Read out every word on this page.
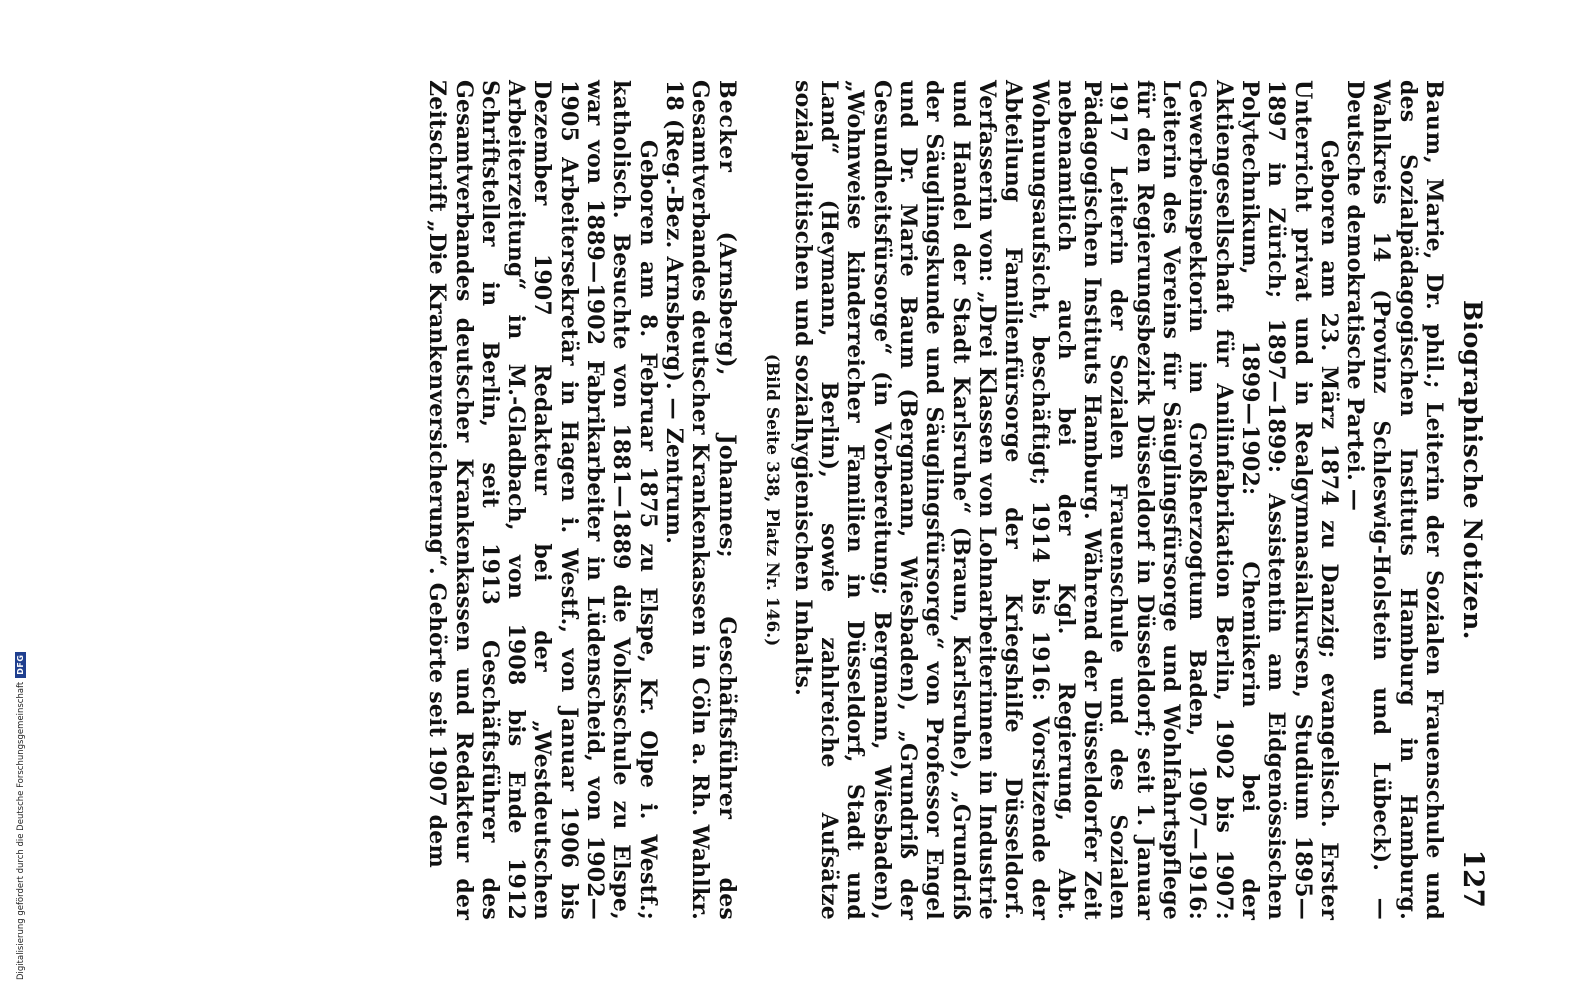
Biographische Notizen.
127

Baum, Marie, Dr. phil.; Leiterin der Sozialen Frauenschule und des Sozialpädagogischen Instituts Hamburg in Hamburg. Wahlkreis 14 (Provinz Schleswig-Holstein und Lübeck). — Deutsche demokratische Partei. —

Geboren am 23. März 1874 zu Danzig; evangelisch. Erster Unterricht privat und in Realgymnasialkursen, Studium 1895—1897 in Zürich; 1897—1899: Assistentin am Eidgenössischen Polytechnikum, 1899—1902: Chemikerin bei der Aktiengesellschaft für Anilinfabrikation Berlin, 1902 bis 1907: Gewerbeinspektorin im Großherzogtum Baden, 1907—1916: Leiterin des Vereins für Säuglingsfürsorge und Wohlfahrtspflege für den Regierungsbezirk Düsseldorf in Düsseldorf; seit 1. Januar 1917 Leiterin der Sozialen Frauenschule und des Sozialen Pädagogischen Instituts Hamburg. Während der Düsseldorfer Zeit nebenamtlich auch bei der Kgl. Regierung, Abt. Wohnungsaufsicht, beschäftigt; 1914 bis 1916: Vorsitzende der Abteilung Familienfürsorge der Kriegshilfe Düsseldorf. Verfasserin von: „Drei Klassen von Lohnarbeiterinnen in Industrie und Handel der Stadt Karlsruhe“ (Braun, Karlsruhe), „Grundriß der Säuglingskunde und Säuglingsfürsorge“ von Professor Engel und Dr. Marie Baum (Bergmann, Wiesbaden), „Grundriß der Gesundheitsfürsorge“ (in Vorbereitung; Bergmann, Wiesbaden), „Wohnweise kinderreicher Familien in Düsseldorf, Stadt und Land“ (Heymann, Berlin), sowie zahlreiche Aufsätze sozialpolitischen und sozialhygienischen Inhalts.

(Bild Seite 338, Platz Nr. 146.)

Becker (Arnsberg), Johannes; Geschäftsführer des Gesamtverbandes deutscher Krankenkassen in Cöln a. Rh. Wahlkr. 18 (Reg.-Bez. Arnsberg). — Zentrum.

Geboren am 8. Februar 1875 zu Elspe, Kr. Olpe i. Westf.; katholisch. Besuchte von 1881—1889 die Volksschule zu Elspe, war von 1889—1902 Fabrikarbeiter in Lüdenscheid, von 1902—1905 Arbeitersekretär in Hagen i. Westf., von Januar 1906 bis Dezember 1907 Redakteur bei der „Westdeutschen Arbeiterzeitung“ in M.-Gladbach, von 1908 bis Ende 1912 Schriftsteller in Berlin, seit 1913 Geschäftsführer des Gesamtverbandes deutscher Krankenkassen und Redakteur der Zeitschrift „Die Krankenversicherung“. Gehörte seit 1907 dem

Digitalisierung gefördert durch die Deutsche Forschungsgemeinschaft
DFG
